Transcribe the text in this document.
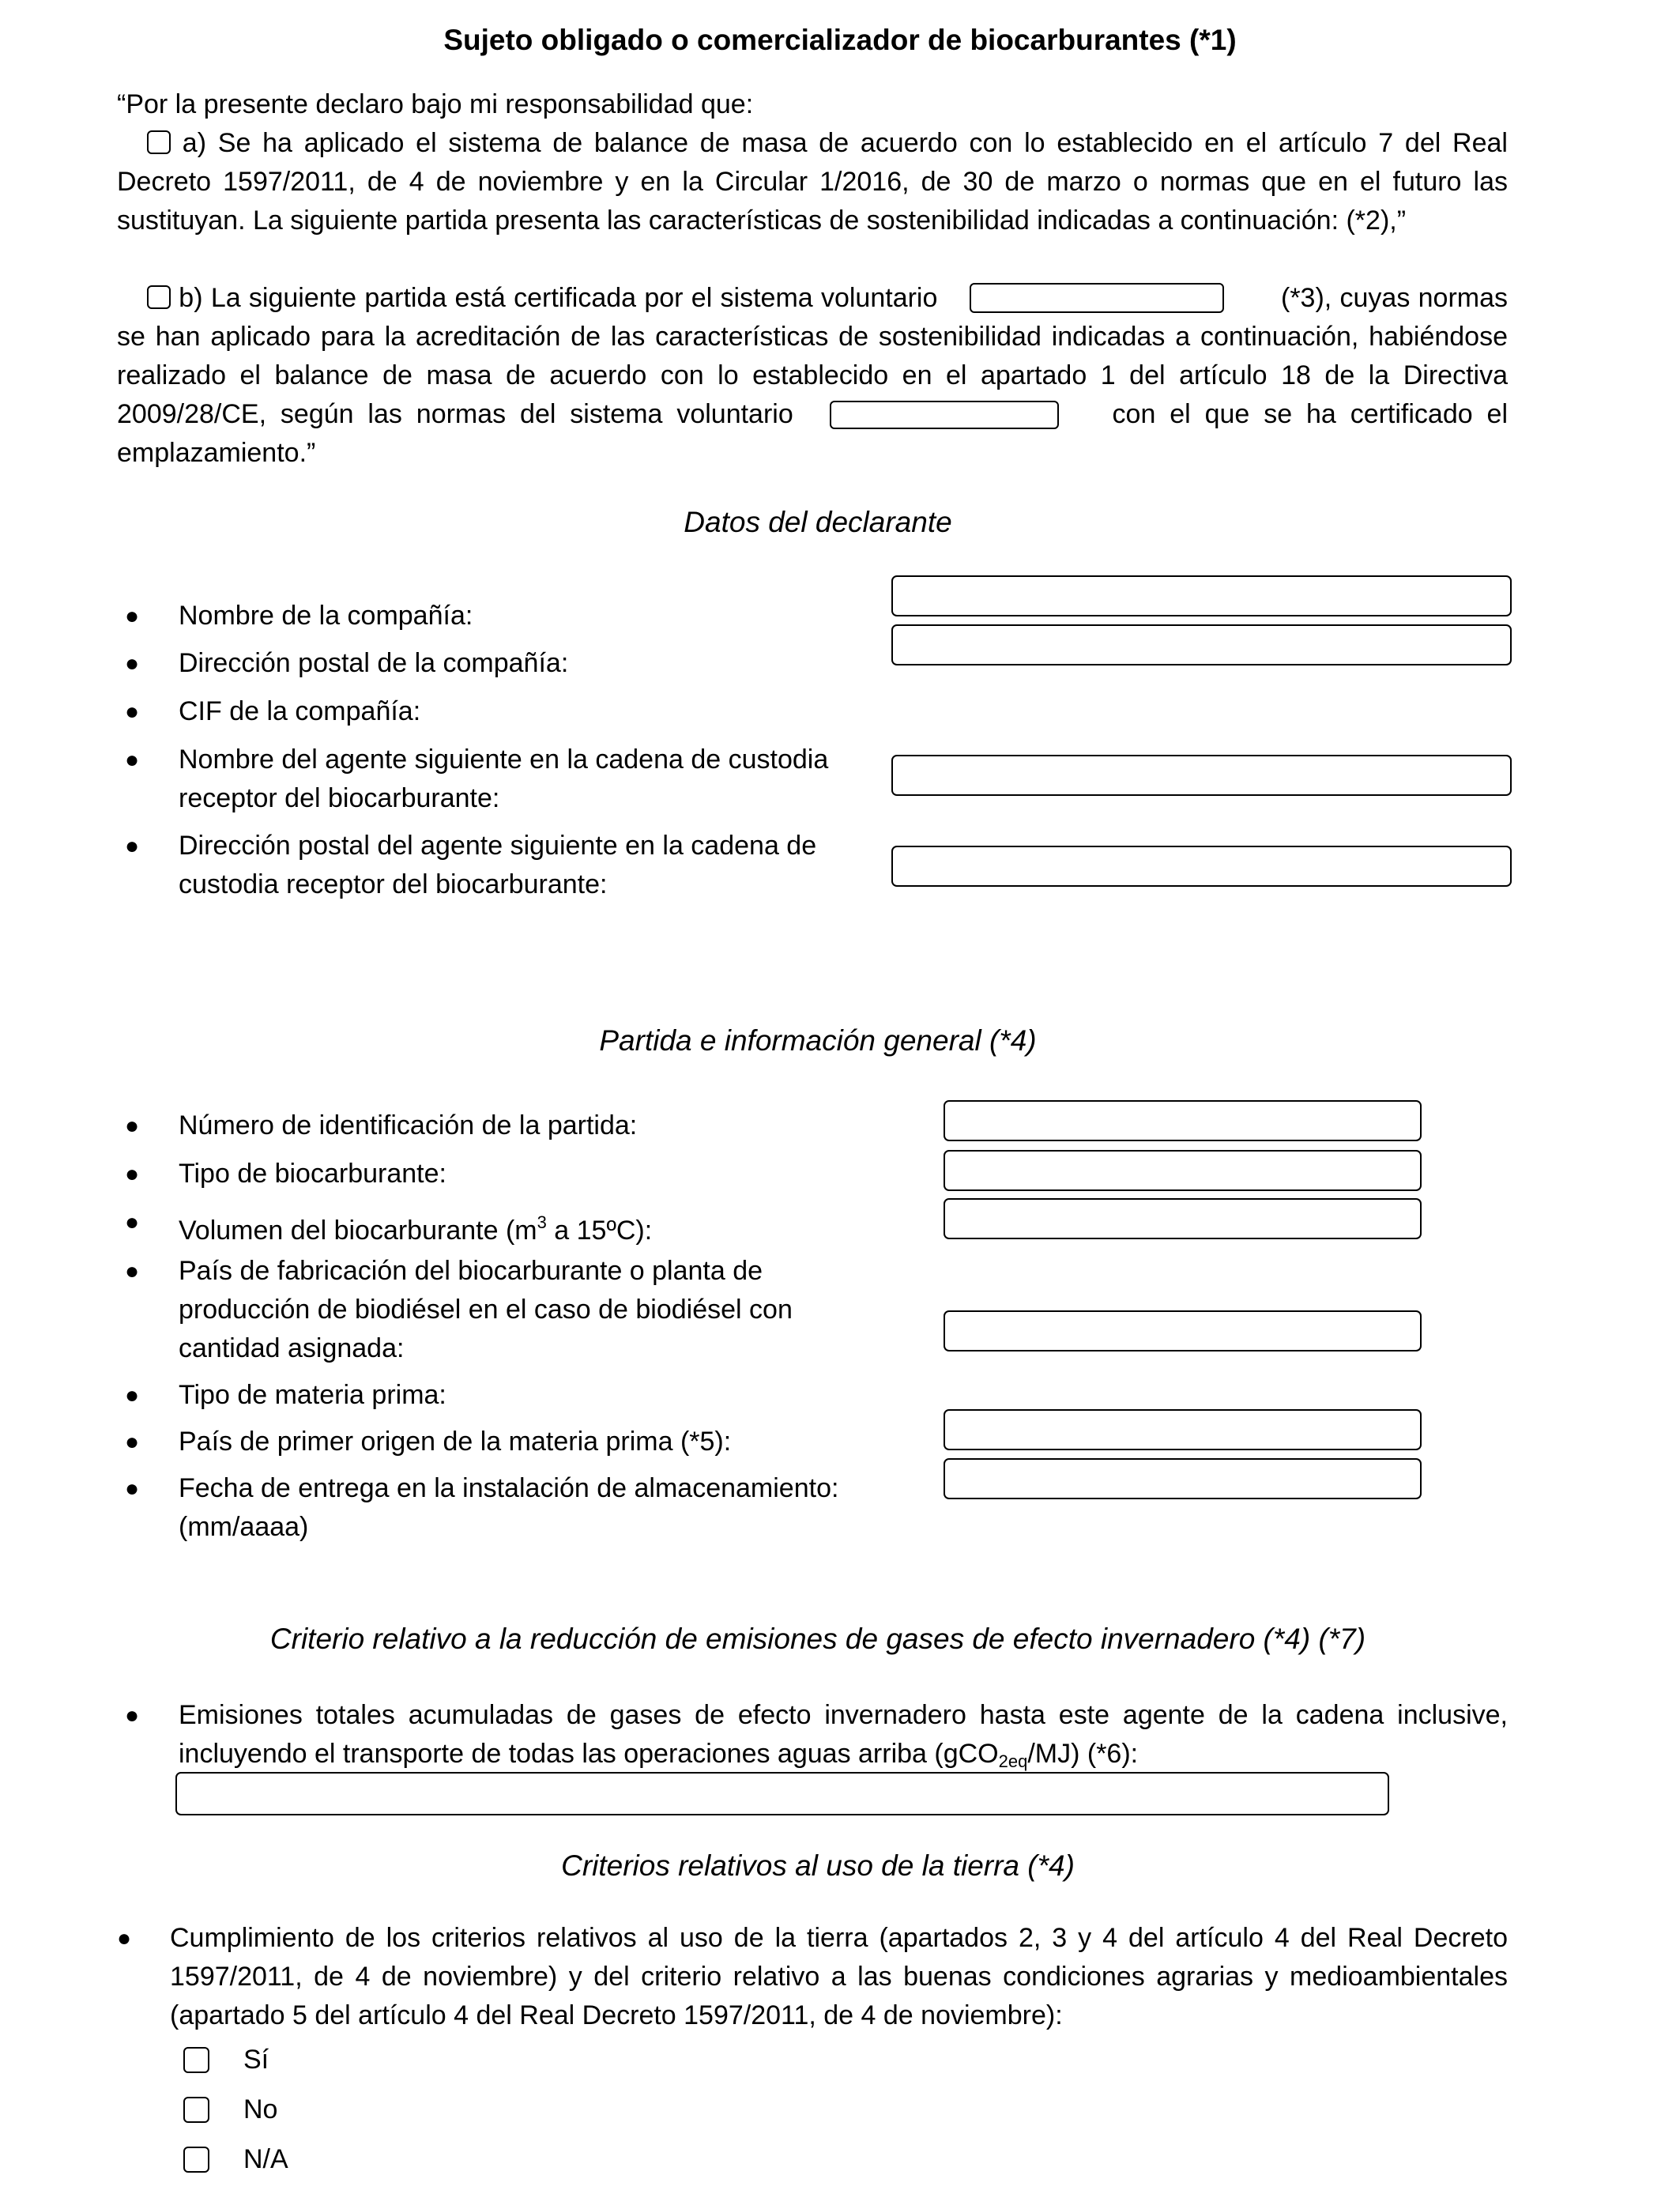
Sujeto obligado o comercializador de biocarburantes (*1)
“Por la presente declaro bajo mi responsabilidad que:
a) Se ha aplicado el sistema de balance de masa de acuerdo con lo establecido en el artículo 7 del Real Decreto 1597/2011, de 4 de noviembre y en la Circular 1/2016, de 30 de marzo o normas que en el futuro las sustituyan. La siguiente partida presenta las características de sostenibilidad indicadas a continuación: (*2),”
b) La siguiente partida está certificada por el sistema voluntario	(*3), cuyas normas se han aplicado para la acreditación de las características de sostenibilidad indicadas a continuación, habiéndose realizado el balance de masa de acuerdo con lo establecido en el apartado 1 del artículo 18 de la Directiva 2009/28/CE, según las normas del sistema voluntario	con el que se ha certificado el emplazamiento.”
Datos del declarante
● Nombre de la compañía:
● Dirección postal de la compañía:
● CIF de la compañía:
● Nombre del agente siguiente en la cadena de custodia receptor del biocarburante:
● Dirección postal del agente siguiente en la cadena de custodia receptor del biocarburante:
Partida e información general (*4)
● Número de identificación de la partida:
● Tipo de biocarburante:
● Volumen del biocarburante ($m^3$ a 15ºC):
● País de fabricación del biocarburante o planta de producción de biodiésel en el caso de biodiésel con cantidad asignada:
● Tipo de materia prima:
● País de primer origen de la materia prima (*5):
● Fecha de entrega en la instalación de almacenamiento: (mm/aaaa)
Criterio relativo a la reducción de emisiones de gases de efecto invernadero (*4) (*7)
● Emisiones totales acumuladas de gases de efecto invernadero hasta este agente de la cadena inclusive, incluyendo el transporte de todas las operaciones aguas arriba (gCO$_{2eq}$/MJ) (*6):
Criterios relativos al uso de la tierra (*4)
● Cumplimiento de los criterios relativos al uso de la tierra (apartados 2, 3 y 4 del artículo 4 del Real Decreto 1597/2011, de 4 de noviembre) y del criterio relativo a las buenas condiciones agrarias y medioambientales (apartado 5 del artículo 4 del Real Decreto 1597/2011, de 4 de noviembre):
Sí
No
N/A
